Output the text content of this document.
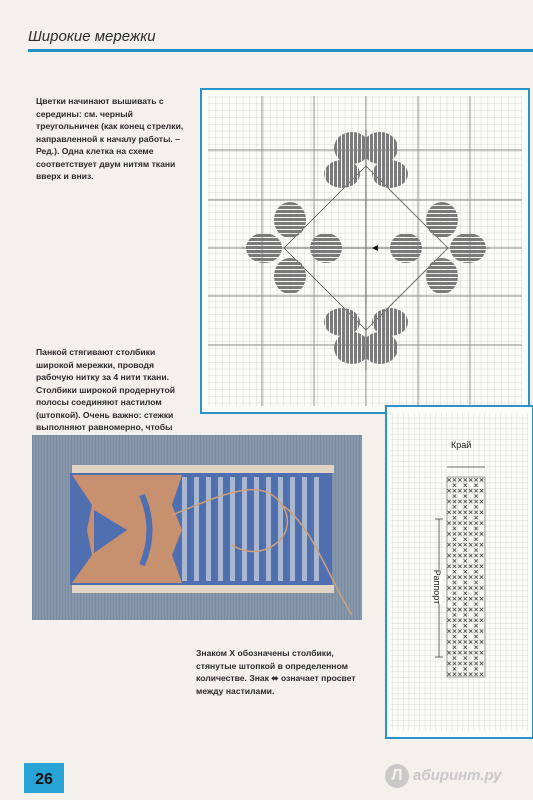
Широкие мережки
Цветки начинают вышивать с середины: см. черный треугольничек (как конец стрелки, направленной к началу работы. – Ред.). Одна клетка на схеме соответствует двум нитям ткани вверх и вниз.
Панкой стягивают столбики широкой мережки, проводя рабочую нитку за 4 нити ткани. Столбики широкой продернутой полосы соединяют настилом (штопкой). Очень важно: стежки выполняют равномерно, чтобы
Знаком X обозначены столбики, стянутые штопкой в определенном количестве. Знак ⬌ означает просвет между настилами.
Край
Раппорт
26	Л абиринт.ру
